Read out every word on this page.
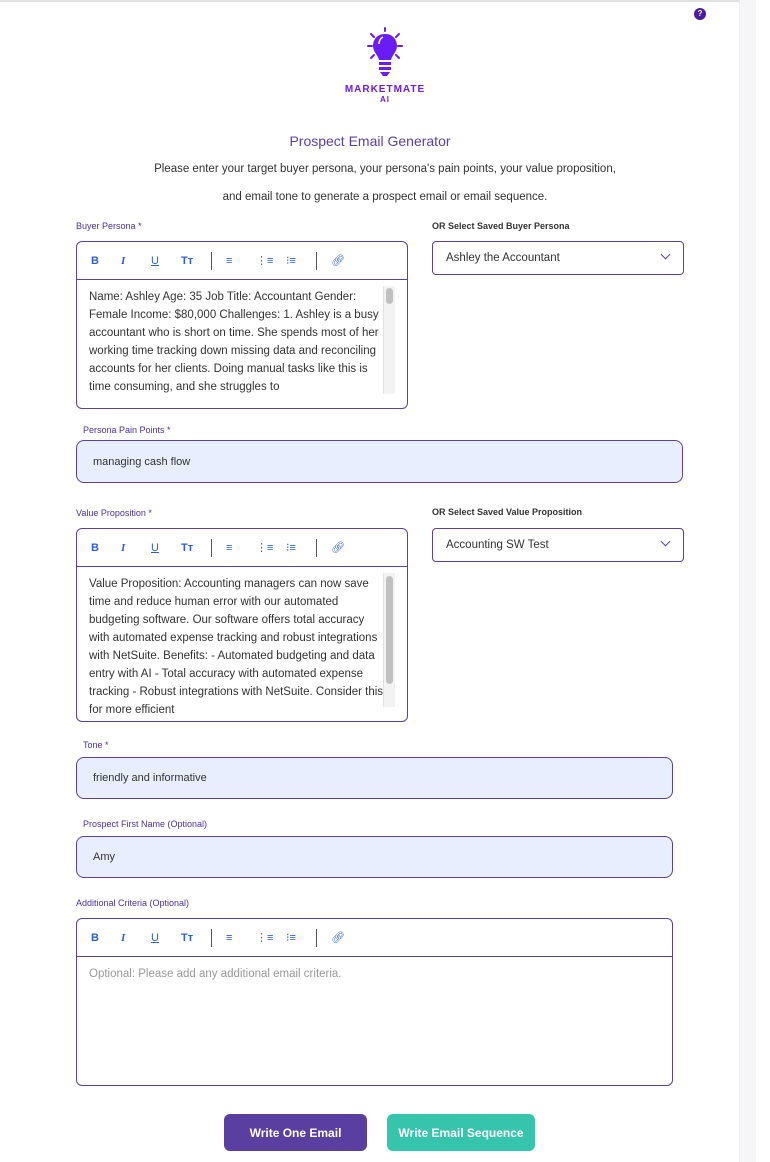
?
MARKETMATE
AI
Prospect Email Generator
Please enter your target buyer persona, your persona's pain points, your value proposition,
and email tone to generate a prospect email or email sequence.
Buyer Persona *
B	I	U	Tт	≡	⋮≡	⁝≡	🔗︎
Name: Ashley Age: 35 Job Title: Accountant Gender: Female Income: $80,000 Challenges: 1. Ashley is a busy accountant who is short on time. She spends most of her working time tracking down missing data and reconciling accounts for her clients. Doing manual tasks like this is time consuming, and she struggles to
OR Select Saved Buyer Persona
Ashley the Accountant
Persona Pain Points *
managing cash flow
Value Proposition *
B	I	U	Tт	≡	⋮≡	⁝≡	🔗︎
Value Proposition: Accounting managers can now save time and reduce human error with our automated budgeting software. Our software offers total accuracy with automated expense tracking and robust integrations with NetSuite. Benefits: - Automated budgeting and data entry with AI - Total accuracy with automated expense tracking - Robust integrations with NetSuite. Consider this for more efficient
OR Select Saved Value Proposition
Accounting SW Test
Tone *
friendly and informative
Prospect First Name (Optional)
Amy
Additional Criteria (Optional)
B	I	U	Tт	≡	⋮≡	⁝≡	🔗︎
Optional: Please add any additional email criteria.
Write One Email	Write Email Sequence
